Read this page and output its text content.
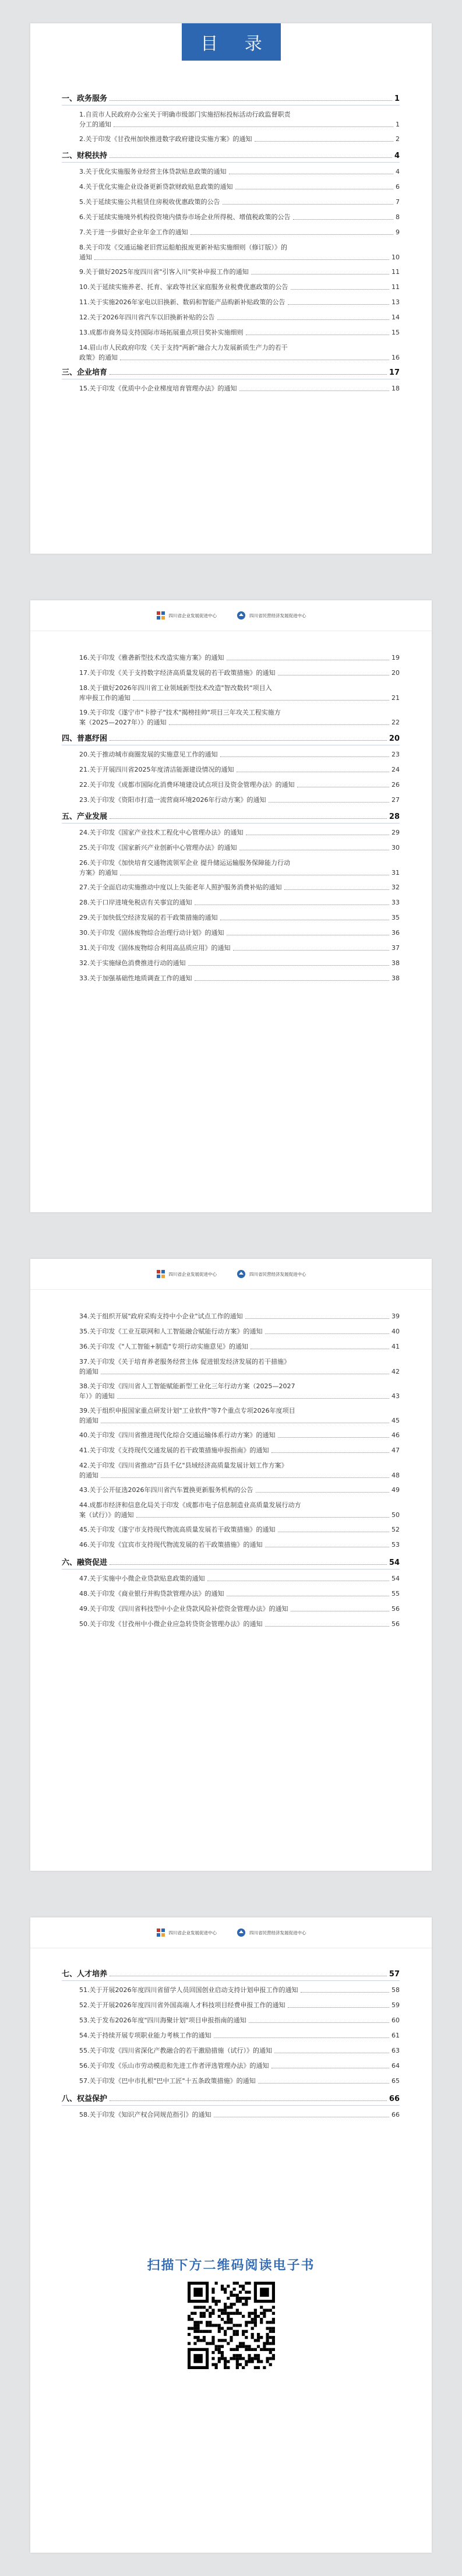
目 录
一、政务服务	1
1.自贡市人民政府办公室关于明确市级部门实施招标投标活动行政监督职责
分工的通知	1
2.关于印发《甘孜州加快推进数字政府建设实施方案》的通知	2
二、财税扶持	4
3.关于优化实施服务业经营主体贷款贴息政策的通知	4
4.关于优化实施企业设备更新贷款财政贴息政策的通知	6
5.关于延续实施公共租赁住房税收优惠政策的公告	7
6.关于延续实施境外机构投资境内债券市场企业所得税、增值税政策的公告	8
7.关于进一步做好企业年金工作的通知	9
8.关于印发《交通运输老旧营运船舶报废更新补贴实施细则（修订版）》的
通知	10
9.关于做好2025年度四川省"引客入川"奖补申报工作的通知	11
10.关于延续实施养老、托育、家政等社区家庭服务业税费优惠政策的公告	11
11.关于实施2026年家电以旧换新、数码和智能产品购新补贴政策的公告	13
12.关于2026年四川省汽车以旧换新补贴的公告	14
13.成都市商务局支持国际市场拓展重点项目奖补实施细则	15
14.眉山市人民政府印发《关于支持"两新"融合大力发展新质生产力的若干
政策》的通知	16
三、企业培育	17
15.关于印发《优质中小企业梯度培育管理办法》的通知	18
四川省企业发展促进中心	四川省民营经济发展促进中心
16.关于印发《雅砻新型技术改造实施方案》的通知	19
17.关于印发《关于支持数字经济高质量发展的若干政策措施》的通知	20
18.关于做好2026年四川省工业领域新型技术改造"智改数转"项目入
库申报工作的通知	21
19.关于印发《遂宁市"卡脖子"技术"揭榜挂帅"项目三年攻关工程实施方
案（2025—2027年）》的通知	22
四、普惠纾困	20
20.关于推动城市商圈发展的实施意见工作的通知	23
21.关于开展四川省2025年度清洁能源建设情况的通知	24
22.关于印发《成都市国际化消费环境建设试点项目及资金管理办法》的通知	26
23.关于印发《资阳市打造一流营商环境2026年行动方案》的通知	27
五、产业发展	28
24.关于印发《国家产业技术工程化中心管理办法》的通知	29
25.关于印发《国家新兴产业创新中心管理办法》的通知	30
26.关于印发《加快培育交通物流领军企业 提升储运运输服务保障能力行动
方案》的通知	31
27.关于全面启动实施推动中度以上失能老年人照护服务消费补贴的通知	32
28.关于口岸进境免税店有关事宜的通知	33
29.关于加快低空经济发展的若干政策措施的通知	35
30.关于印发《固体废物综合治理行动计划》的通知	36
31.关于印发《固体废物综合利用高品质应用》的通知	37
32.关于实施绿色消费推进行动的通知	38
33.关于加强基础性地质调查工作的通知	38
四川省企业发展促进中心	四川省民营经济发展促进中心
34.关于组织开展"政府采购支持中小企业"试点工作的通知	39
35.关于印发《工业互联网和人工智能融合赋能行动方案》的通知	40
36.关于印发《"人工智能+制造"专项行动实施意见》的通知	41
37.关于印发《关于培育养老服务经营主体 促进银发经济发展的若干措施》
的通知	42
38.关于印发《四川省人工智能赋能新型工业化三年行动方案（2025—2027
年）》的通知	43
39.关于组织申报国家重点研发计划"工业软件"等7个重点专项2026年度项目
的通知	45
40.关于印发《四川省推进现代化综合交通运输体系行动方案》的通知	46
41.关于印发《支持现代交通发展的若干政策措施申报指南》的通知	47
42.关于印发《四川省推动"百县千亿"县域经济高质量发展计划工作方案》
的通知	48
43.关于公开征选2026年四川省汽车置换更新服务机构的公告	49
44.成都市经济和信息化局关于印发《成都市电子信息制造业高质量发展行动方
案（试行）》的通知	50
45.关于印发《遂宁市支持现代物流高质量发展若干政策措施》的通知	52
46.关于印发《宜宾市支持现代物流发展的若干政策措施》的通知	53
六、融资促进	54
47.关于实施中小微企业贷款贴息政策的通知	54
48.关于印发《商业银行并购贷款管理办法》的通知	55
49.关于印发《四川省科技型中小企业贷款风险补偿资金管理办法》的通知	56
50.关于印发《甘孜州中小微企业应急转贷资金管理办法》的通知	56
四川省企业发展促进中心	四川省民营经济发展促进中心
七、人才培养	57
51.关于开展2026年度四川省留学人员回国创业启动支持计划申报工作的通知	58
52.关于开展2026年度四川省外国高端人才科技项目经费申报工作的通知	59
53.关于发布2026年度"四川海聚计划"项目申报指南的通知	60
54.关于持续开展专项职业能力考核工作的通知	61
55.关于印发《四川省深化产教融合的若干激励措施（试行）》的通知	63
56.关于印发《乐山市劳动模范和先进工作者评选管理办法》的通知	64
57.关于印发《巴中市扎根"巴中工匠"十五条政策措施》的通知	65
八、权益保护	66
58.关于印发《知识产权合同规范指引》的通知	66
扫描下方二维码阅读电子书
